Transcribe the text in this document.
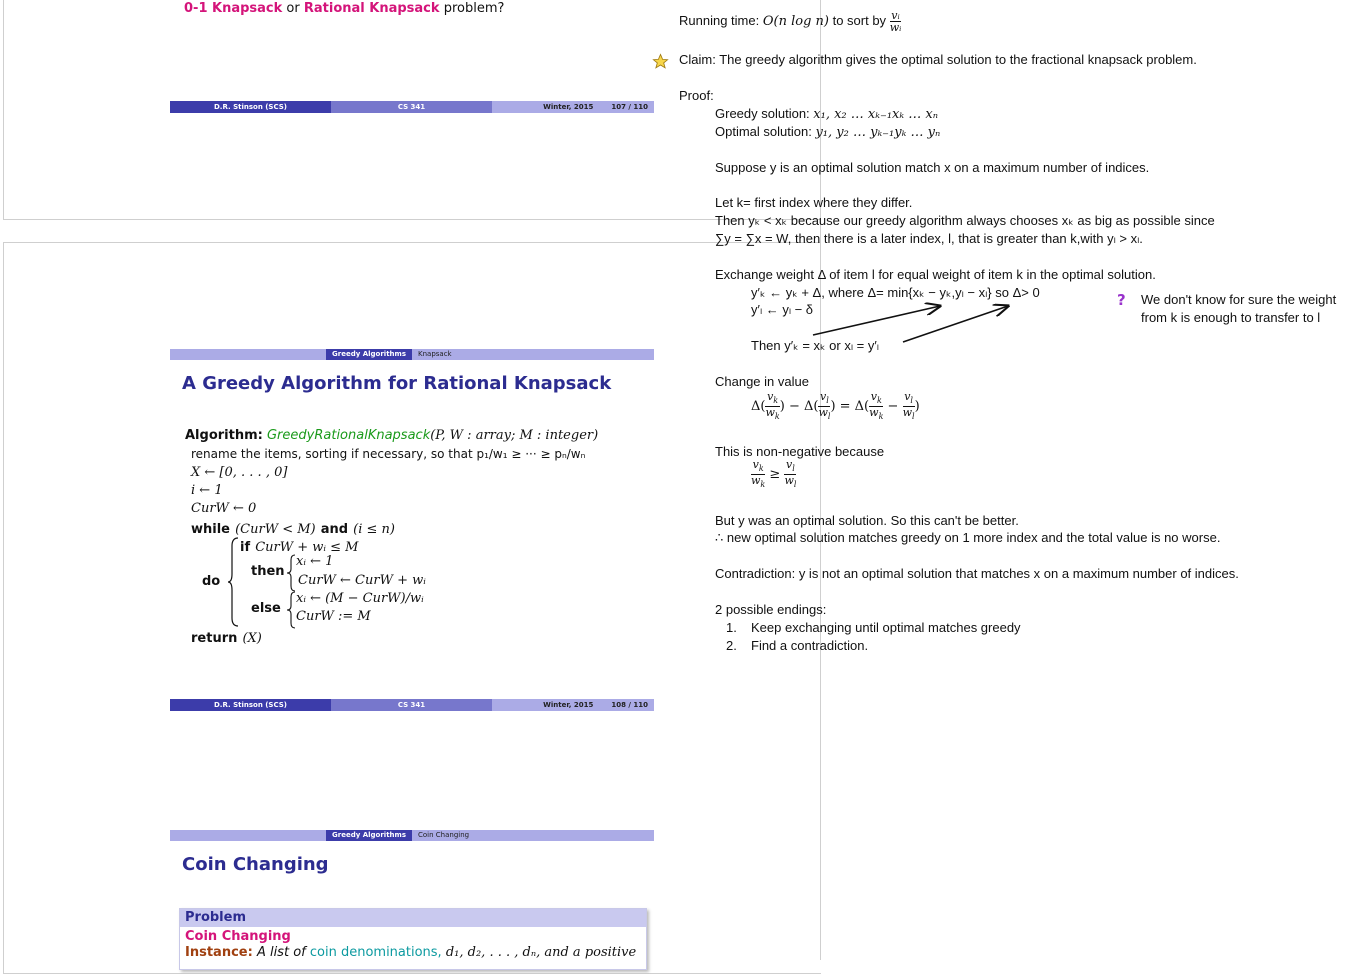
0-1 Knapsack or Rational Knapsack problem?
D.R. Stinson (SCS)	CS 341	Winter, 2015	107 / 110
Greedy Algorithms	Knapsack
A Greedy Algorithm for Rational Knapsack
Algorithm: GreedyRationalKnapsack(P, W : array; M : integer)
rename the items, sorting if necessary, so that p₁/w₁ ≥ ··· ≥ pₙ/wₙ
X ← [0, . . . , 0]
i ← 1
CurW ← 0
while (CurW < M) and (i ≤ n)
do
if CurW + wᵢ ≤ M
then
xᵢ ← 1
CurW ← CurW + wᵢ
else
xᵢ ← (M − CurW)/wᵢ
CurW := M
return (X)
D.R. Stinson (SCS)	CS 341	Winter, 2015	108 / 110
Greedy Algorithms	Coin Changing
Coin Changing
Problem
Coin Changing
Instance: A list of coin denominations, d₁, d₂, . . . , dₙ, and a positive
Running time: O(n log n) to sort by $\frac{\text{vᵢ}}{\text{wᵢ}}$
Claim: The greedy algorithm gives the optimal solution to the fractional knapsack problem.
Proof:
Greedy solution: x₁, x₂ … xₖ₋₁xₖ … xₙ
Optimal solution: y₁, y₂ … yₖ₋₁yₖ … yₙ
Suppose y is an optimal solution match x on a maximum number of indices.
Let k= first index where they differ.
Then yₖ < xₖ because our greedy algorithm always chooses xₖ as big as possible since
∑y = ∑x = W, then there is a later index, l, that is greater than k,with yₗ > xₗ.
Exchange weight Δ of item l for equal weight of item k in the optimal solution.
y′ₖ ← yₖ + Δ, where Δ= min{xₖ − yₖ,yₗ − xₗ} so Δ> 0
y′ₗ ← yₗ − δ
Then y′ₖ = xₖ or xₗ = y′ₗ
? We don't know for sure the weight
from k is enough to transfer to l
Change in value
$\Delta( \frac{v_k}{w_k}$ ) − $\Delta( \frac{v_l}{w_l}$ ) = $\Delta( \frac{v_k}{w_k} - \frac{v_l}{w_l}$ )
This is non-negative because
$\frac{v_k}{w_k} \ge \frac{v_l}{w_l}$
But y was an optimal solution. So this can't be better.
∴ new optimal solution matches greedy on 1 more index and the total value is no worse.
Contradiction: y is not an optimal solution that matches x on a maximum number of indices.
2 possible endings:
1. Keep exchanging until optimal matches greedy
2. Find a contradiction.
